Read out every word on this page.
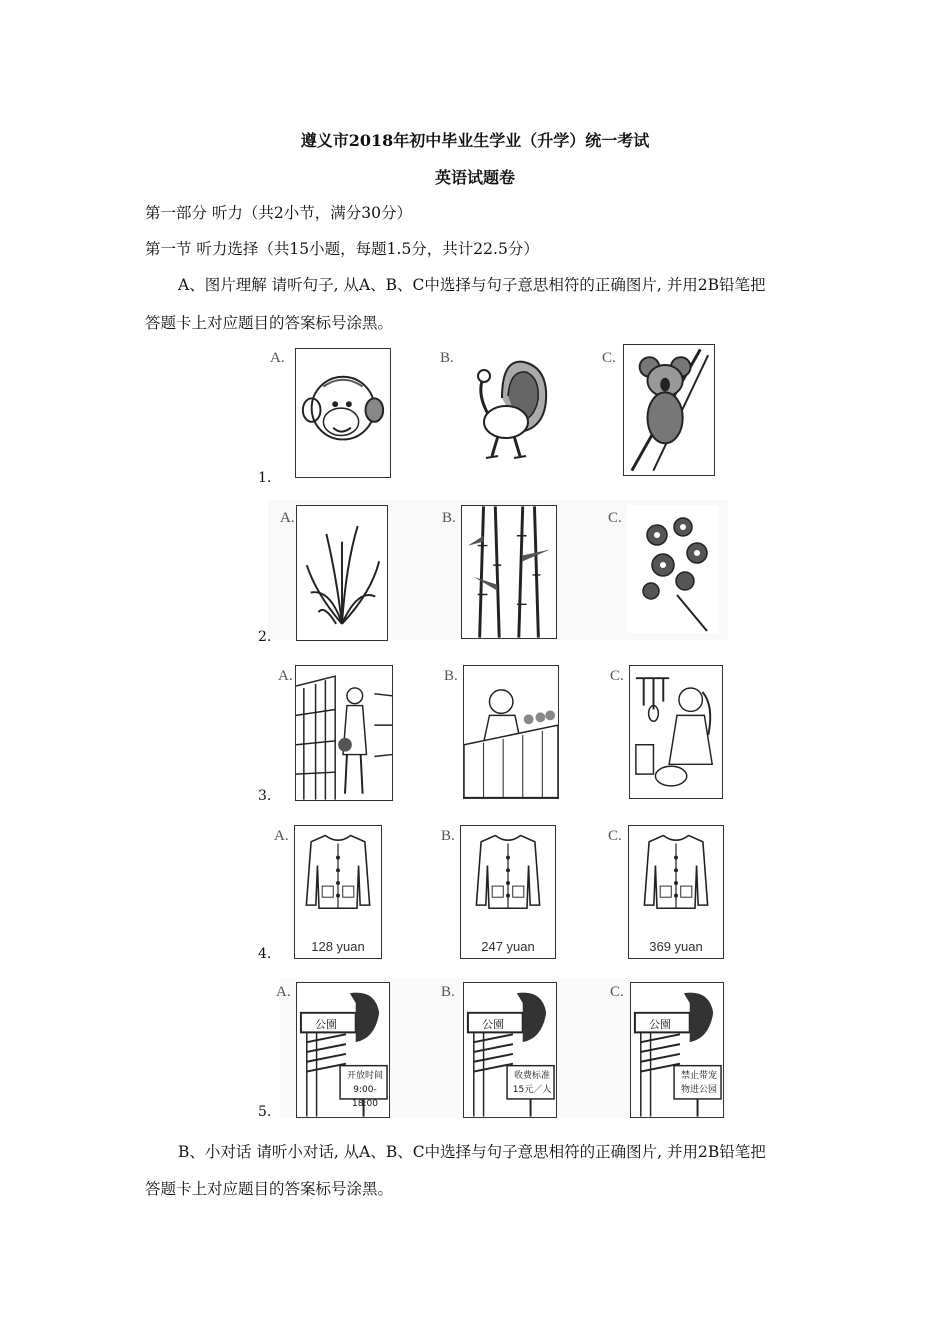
遵义市2018年初中毕业生学业（升学）统一考试
英语试题卷
第一部分 听力（共2小节，满分30分）
第一节 听力选择（共15小题，每题1.5分，共计22.5分）
A、图片理解 请听句子, 从A、B、C中选择与句子意思相符的正确图片, 并用2B铅笔把
答题卡上对应题目的答案标号涂黑。
1.
A.	B.	C.
2.
A.	B.	C.
3.
A.	B.	C.
4.
A.
128 yuan
B.
247 yuan
C.
369 yuan
5.
A.
公園
开放时间
9:00-18:00
B.
公園
收费标准
15元／人
C.
公園
禁止带宠
物进公园
B、小对话 请听小对话, 从A、B、C中选择与句子意思相符的正确图片, 并用2B铅笔把
答题卡上对应题目的答案标号涂黑。
